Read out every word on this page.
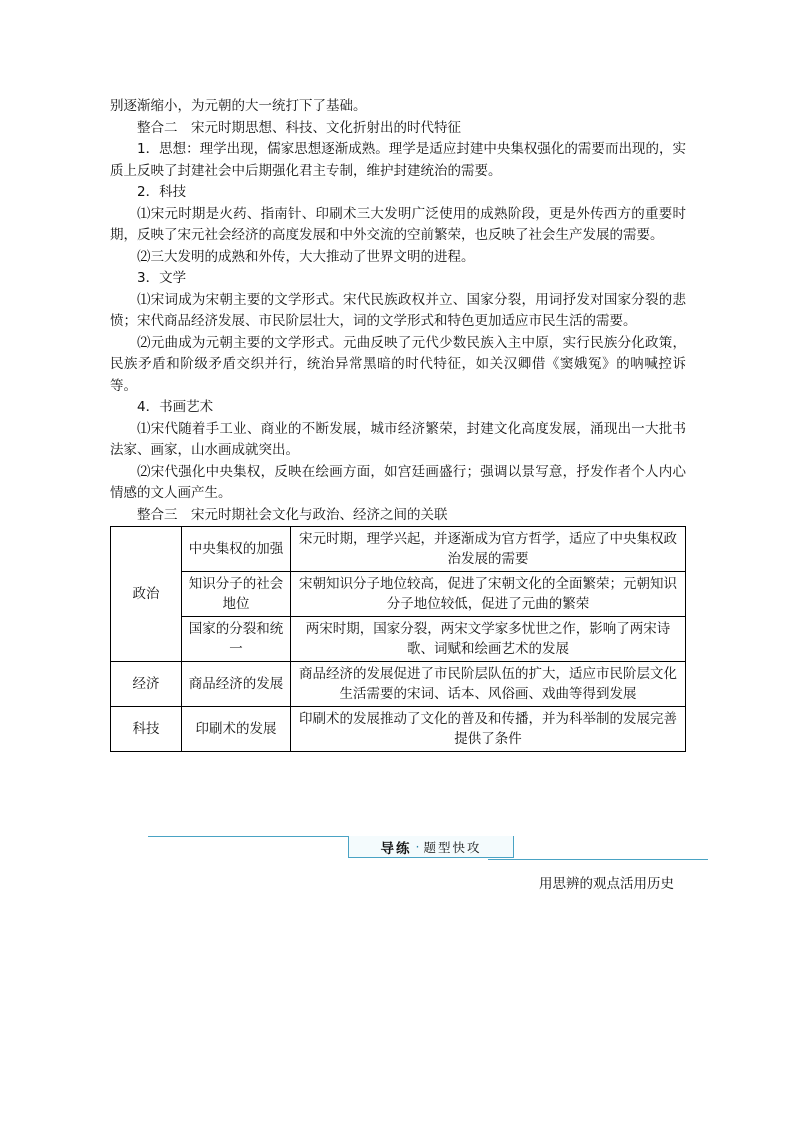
别逐渐缩小，为元朝的大一统打下了基础。

整合二　宋元时期思想、科技、文化折射出的时代特征

1．思想：理学出现，儒家思想逐渐成熟。理学是适应封建中央集权强化的需要而出现的，实质上反映了封建社会中后期强化君主专制，维护封建统治的需要。

2．科技

⑴宋元时期是火药、指南针、印刷术三大发明广泛使用的成熟阶段，更是外传西方的重要时期，反映了宋元社会经济的高度发展和中外交流的空前繁荣，也反映了社会生产发展的需要。

⑵三大发明的成熟和外传，大大推动了世界文明的进程。

3．文学

⑴宋词成为宋朝主要的文学形式。宋代民族政权并立、国家分裂，用词抒发对国家分裂的悲愤；宋代商品经济发展、市民阶层壮大，词的文学形式和特色更加适应市民生活的需要。

⑵元曲成为元朝主要的文学形式。元曲反映了元代少数民族入主中原，实行民族分化政策，民族矛盾和阶级矛盾交织并行，统治异常黑暗的时代特征，如关汉卿借《窦娥冤》的呐喊控诉等。

4．书画艺术

⑴宋代随着手工业、商业的不断发展，城市经济繁荣，封建文化高度发展，涌现出一大批书法家、画家，山水画成就突出。

⑵宋代强化中央集权，反映在绘画方面，如宫廷画盛行；强调以景写意，抒发作者个人内心情感的文人画产生。

整合三　宋元时期社会文化与政治、经济之间的关联

政治	中央集权的加强	宋元时期，理学兴起，并逐渐成为官方哲学，适应了中央集权政治发展的需要
	知识分子的社会地位	宋朝知识分子地位较高，促进了宋朝文化的全面繁荣；元朝知识分子地位较低，促进了元曲的繁荣
	国家的分裂和统一	两宋时期，国家分裂，两宋文学家多忧世之作，影响了两宋诗歌、词赋和绘画艺术的发展
经济	商品经济的发展	商品经济的发展促进了市民阶层队伍的扩大，适应市民阶层文化生活需要的宋词、话本、风俗画、戏曲等得到发展
科技	印刷术的发展	印刷术的发展推动了文化的普及和传播，并为科举制的发展完善提供了条件
导练 · 题型快攻
用思辨的观点活用历史
